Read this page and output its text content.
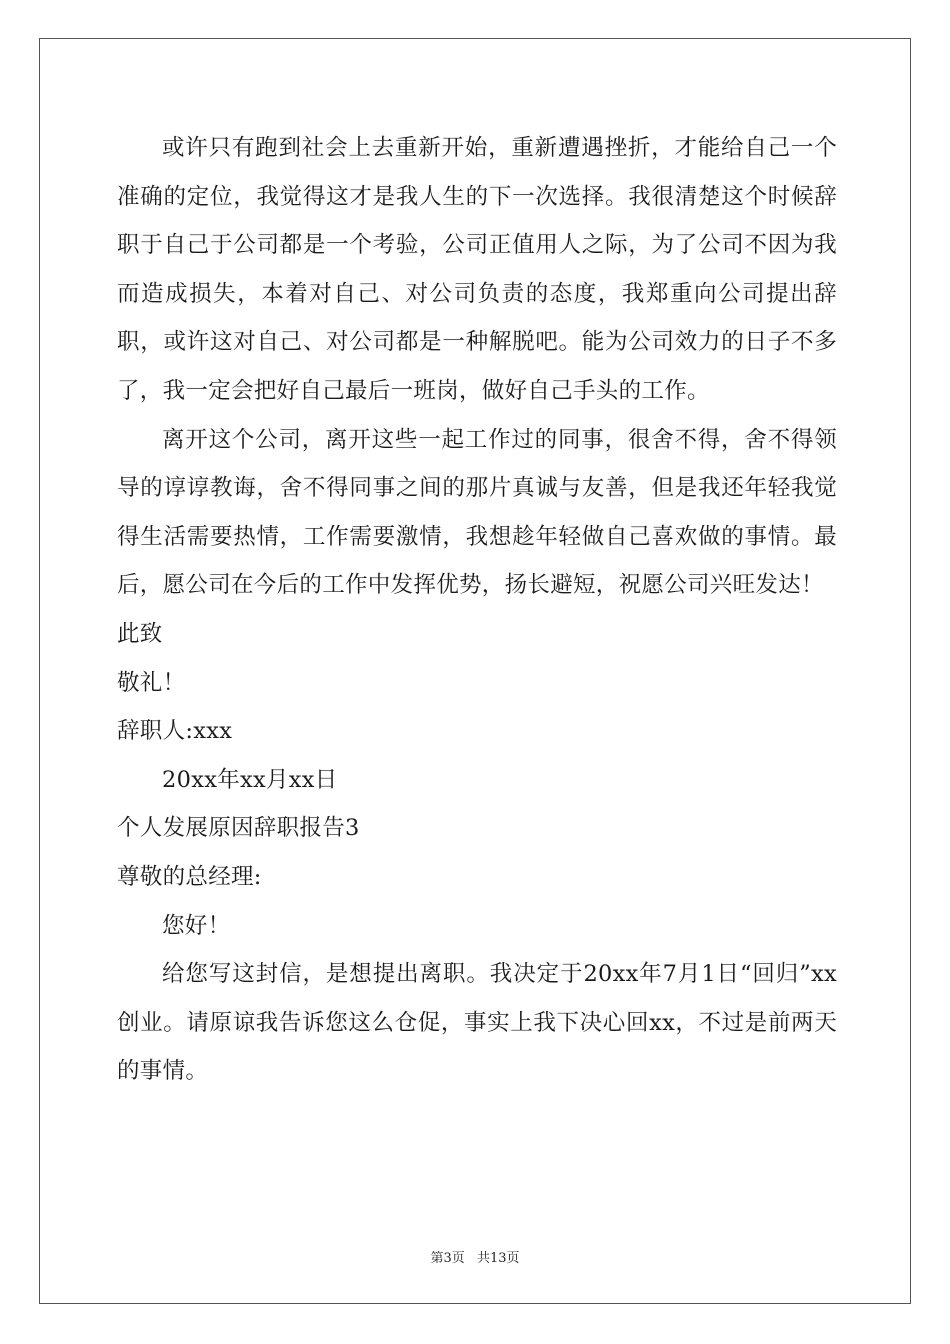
或许只有跑到社会上去重新开始，重新遭遇挫折，才能给自己一个准确的定位，我觉得这才是我人生的下一次选择。我很清楚这个时候辞职于自己于公司都是一个考验，公司正值用人之际，为了公司不因为我而造成损失，本着对自己、对公司负责的态度，我郑重向公司提出辞职，或许这对自己、对公司都是一种解脱吧。能为公司效力的日子不多了，我一定会把好自己最后一班岗，做好自己手头的工作。

离开这个公司，离开这些一起工作过的同事，很舍不得，舍不得领导的谆谆教诲，舍不得同事之间的那片真诚与友善，但是我还年轻我觉得生活需要热情，工作需要激情，我想趁年轻做自己喜欢做的事情。最后，愿公司在今后的工作中发挥优势，扬长避短，祝愿公司兴旺发达！

此致

敬礼！

辞职人:xxx

20xx年xx月xx日

个人发展原因辞职报告3

尊敬的总经理:

您好！

给您写这封信，是想提出离职。我决定于20xx年7月1日“回归”xx创业。请原谅我告诉您这么仓促，事实上我下决心回xx，不过是前两天的事情。

第3页 共13页
